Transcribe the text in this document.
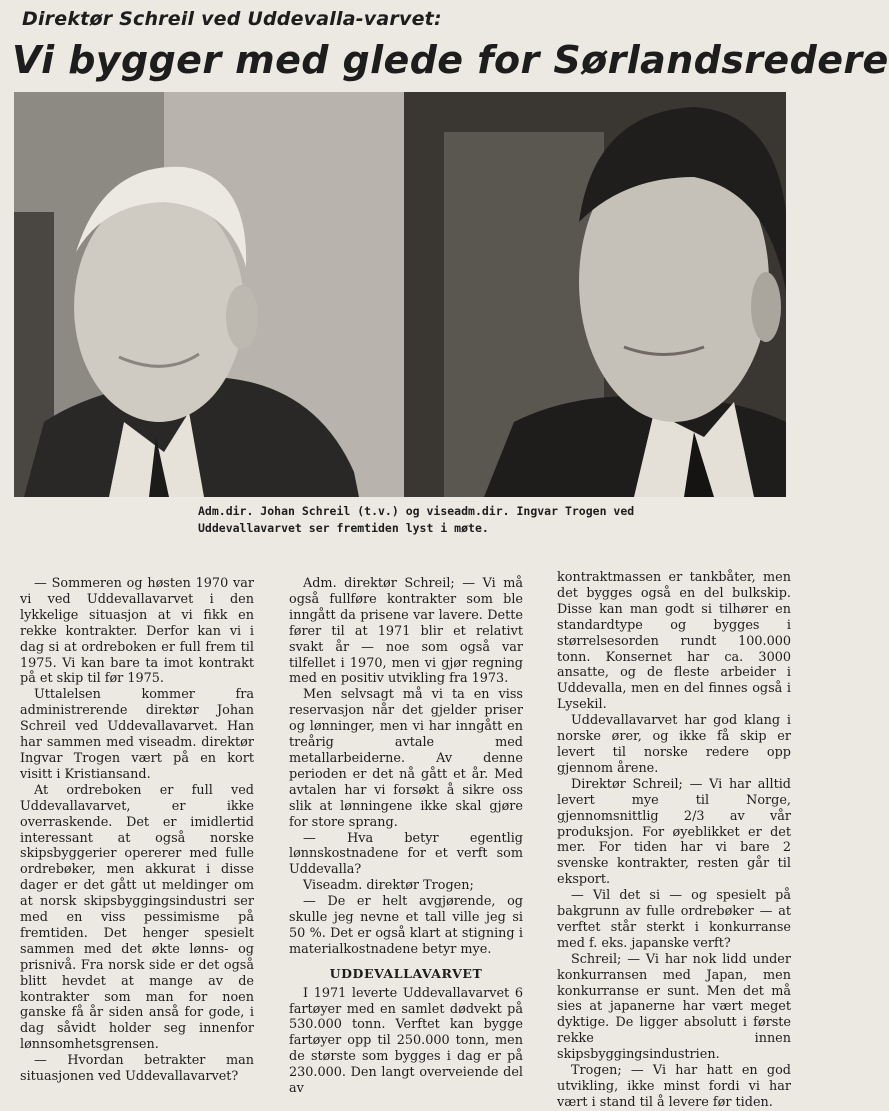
Direktør Schreil ved Uddevalla-varvet:
Vi bygger med glede for Sørlandsredere
Adm.dir. Johan Schreil (t.v.) og viseadm.dir. Ingvar Trogen ved Uddevallavarvet ser fremtiden lyst i møte.

— Sommeren og høsten 1970 var vi ved Uddevallavarvet i den lykkelige situasjon at vi fikk en rekke kontrakter. Derfor kan vi i dag si at ordreboken er full frem til 1975. Vi kan bare ta imot kontrakt på et skip til før 1975.

Uttalelsen kommer fra administrerende direktør Johan Schreil ved Uddevallavarvet. Han har sammen med viseadm. direktør Ingvar Trogen vært på en kort visitt i Kristiansand.

At ordreboken er full ved Uddevallavarvet, er ikke overraskende. Det er imidlertid interessant at også norske skipsbyggerier opererer med fulle ordrebøker, men akkurat i disse dager er det gått ut meldinger om at norsk skipsbyggingsindustri ser med en viss pessimisme på fremtiden. Det henger spesielt sammen med det økte lønns- og prisnivå. Fra norsk side er det også blitt hevdet at mange av de kontrakter som man for noen ganske få år siden anså for gode, i dag såvidt holder seg innenfor lønnsomhetsgrensen.

— Hvordan betrakter man situasjonen ved Uddevallavarvet?

Adm. direktør Schreil; — Vi må også fullføre kontrakter som ble inngått da prisene var lavere. Dette fører til at 1971 blir et relativt svakt år — noe som også var tilfellet i 1970, men vi gjør regning med en positiv utvikling fra 1973.

Men selvsagt må vi ta en viss reservasjon når det gjelder priser og lønninger, men vi har inngått en treårig avtale med metallarbeiderne. Av denne perioden er det nå gått et år. Med avtalen har vi forsøkt å sikre oss slik at lønningene ikke skal gjøre for store sprang.

— Hva betyr egentlig lønnskostnadene for et verft som Uddevalla?

Viseadm. direktør Trogen;

— De er helt avgjørende, og skulle jeg nevne et tall ville jeg si 50 %. Det er også klart at stigning i materialkostnadene betyr mye.

UDDEVALLAVARVET

I 1971 leverte Uddevallavarvet 6 fartøyer med en samlet dødvekt på 530.000 tonn. Verftet kan bygge fartøyer opp til 250.000 tonn, men de største som bygges i dag er på 230.000. Den langt overveiende del av

kontraktmassen er tankbåter, men det bygges også en del bulkskip. Disse kan man godt si tilhører en standardtype og bygges i størrelsesorden rundt 100.000 tonn. Konsernet har ca. 3000 ansatte, og de fleste arbeider i Uddevalla, men en del finnes også i Lysekil.

Uddevallavarvet har god klang i norske ører, og ikke få skip er levert til norske redere opp gjennom årene.

Direktør Schreil; — Vi har alltid levert mye til Norge, gjennomsnittlig 2/3 av vår produksjon. For øyeblikket er det mer. For tiden har vi bare 2 svenske kontrakter, resten går til eksport.

— Vil det si — og spesielt på bakgrunn av fulle ordrebøker — at verftet står sterkt i konkurranse med f. eks. japanske verft?

Schreil; — Vi har nok lidd under konkurransen med Japan, men konkurranse er sunt. Men det må sies at japanerne har vært meget dyktige. De ligger absolutt i første rekke innen skipsbyggingsindustrien.

Trogen; — Vi har hatt en god utvikling, ikke minst fordi vi har vært i stand til å levere før tiden.
